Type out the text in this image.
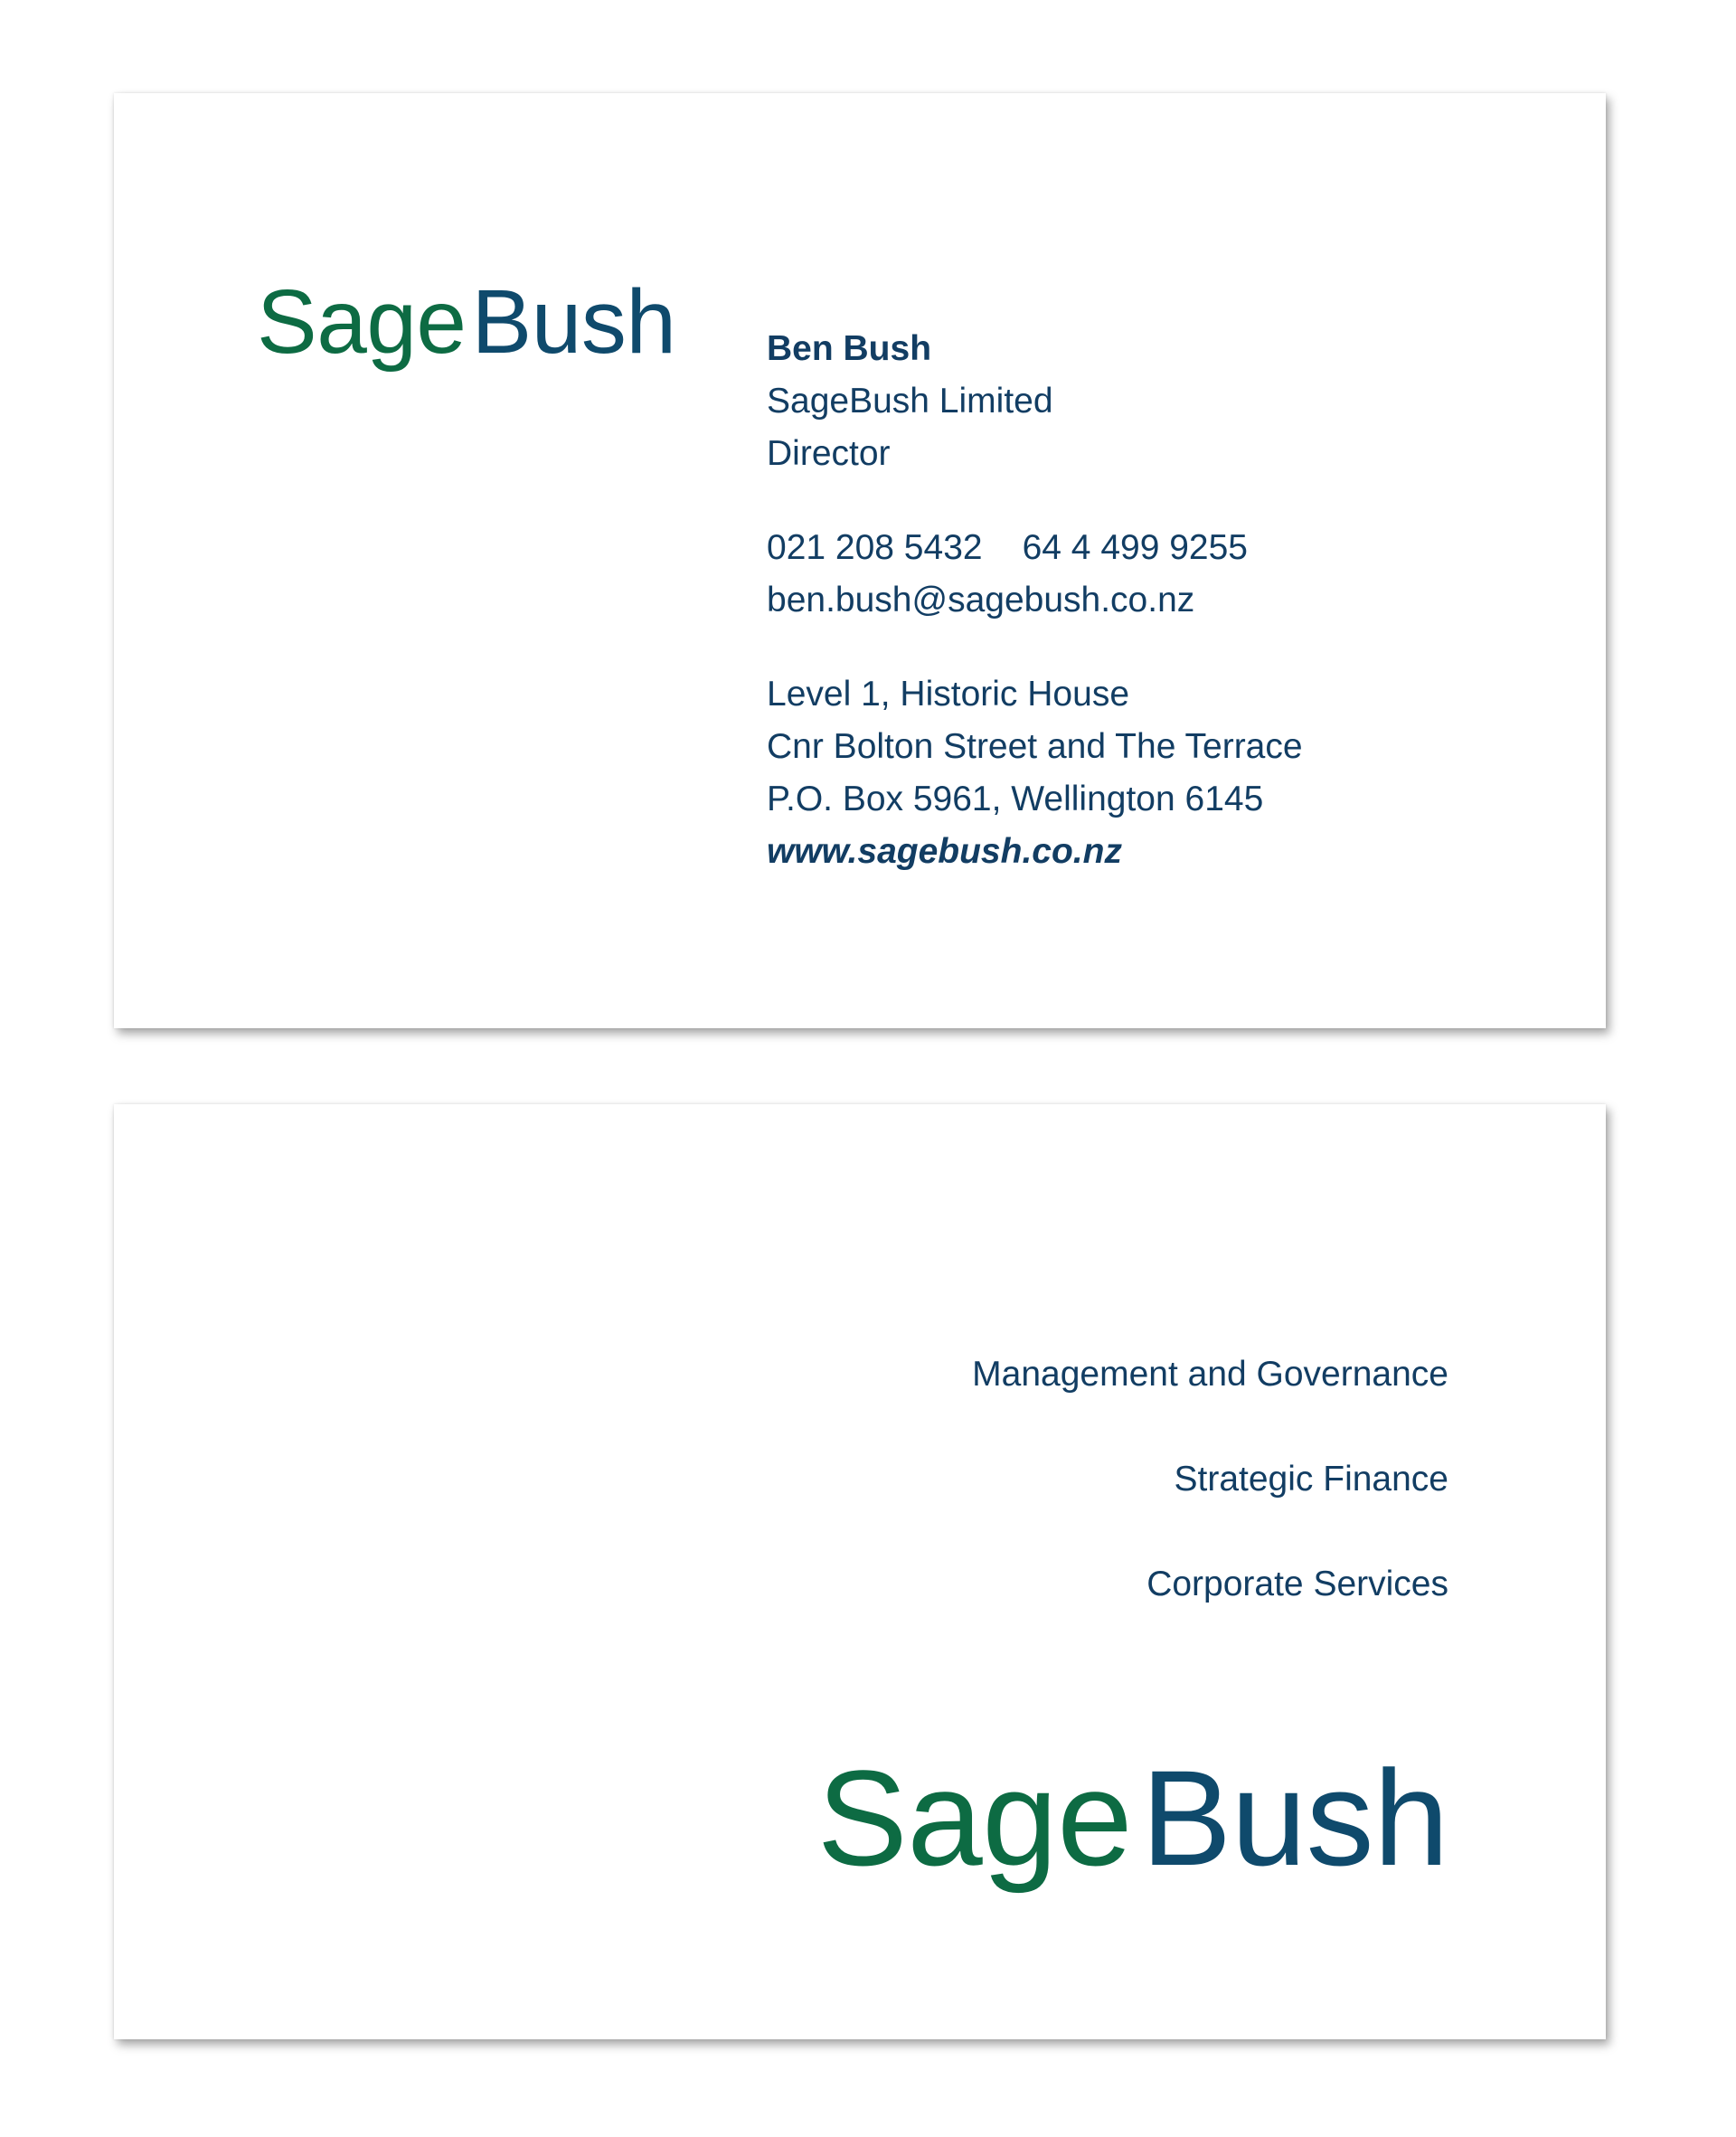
SageBush	Ben Bush
SageBush Limited
Director
021 208 5432 64 4 499 9255
ben.bush@sagebush.co.nz
Level 1, Historic House
Cnr Bolton Street and The Terrace
P.O. Box 5961, Wellington 6145
www.sagebush.co.nz
Management and Governance
Strategic Finance
Corporate Services
SageBush
